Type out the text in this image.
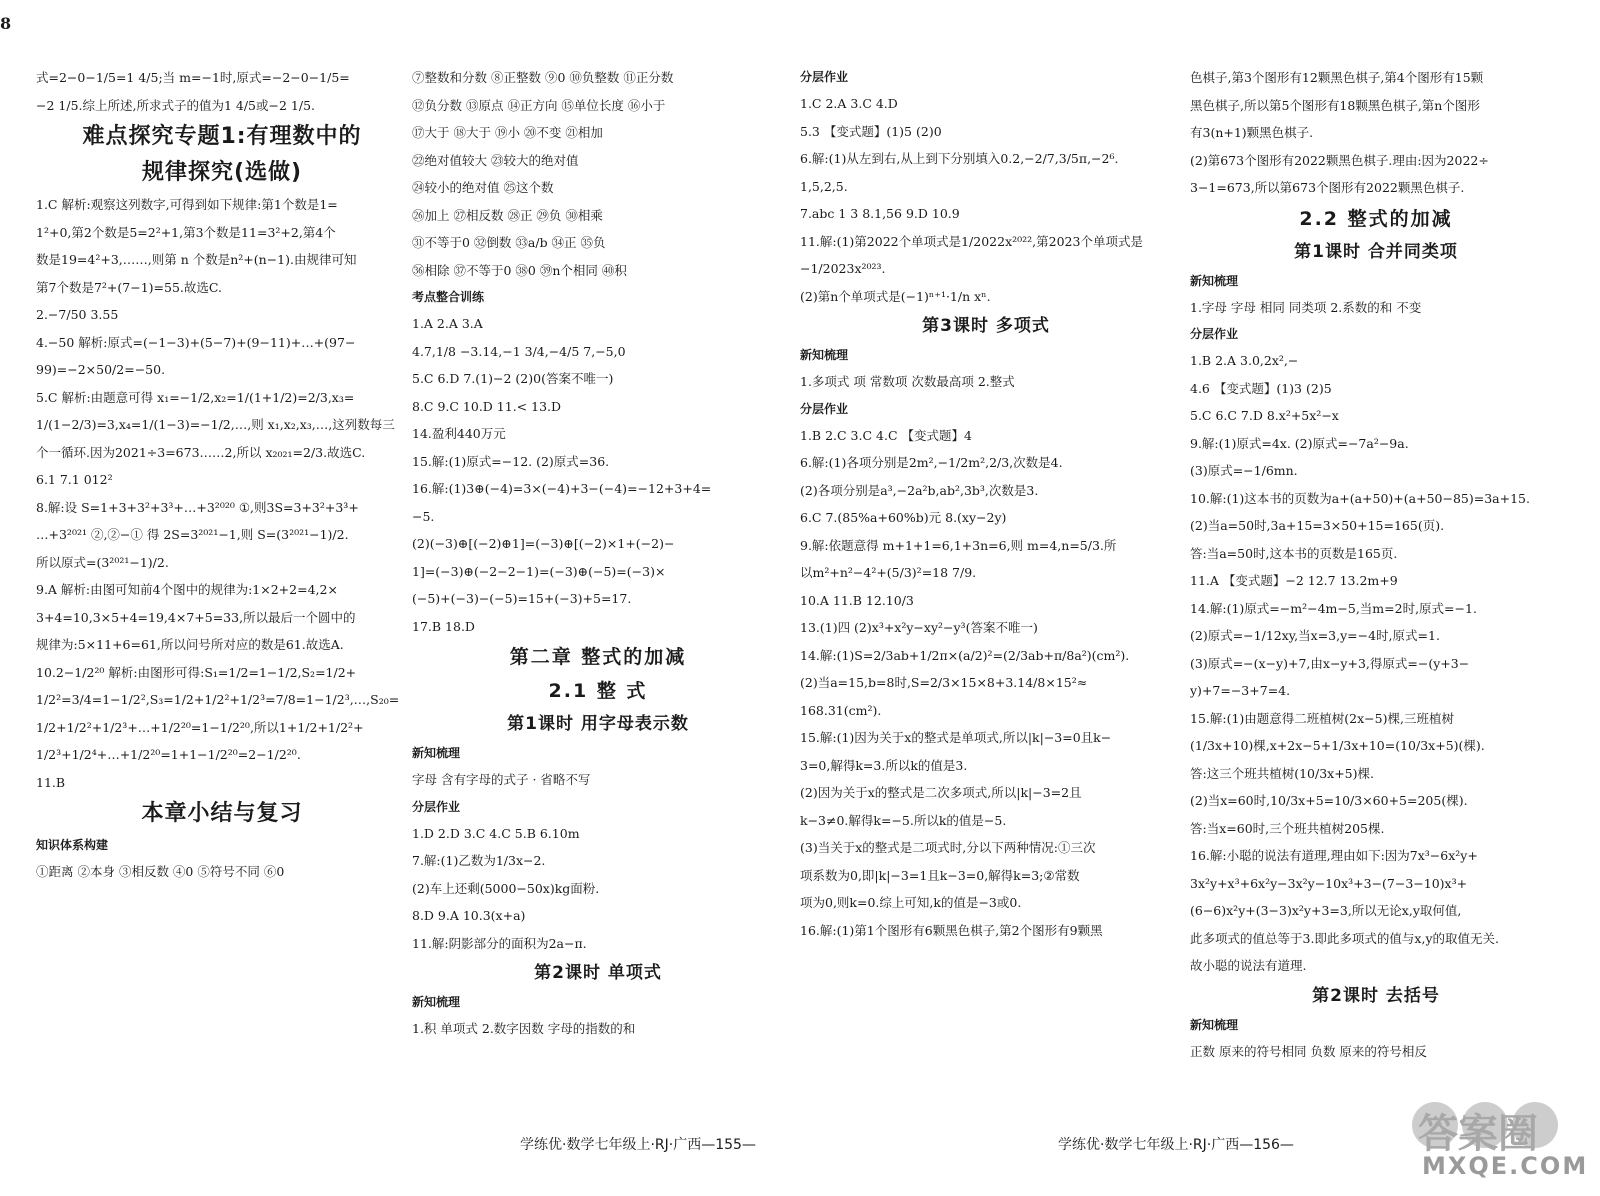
8
式=2−0−1/5=1 4/5;当 m=−1时,原式=−2−0−1/5=
−2 1/5.综上所述,所求式子的值为1 4/5或−2 1/5.
难点探究专题1:有理数中的
规律探究(选做)
1.C 解析:观察这列数字,可得到如下规律:第1个数是1=
1²+0,第2个数是5=2²+1,第3个数是11=3²+2,第4个
数是19=4²+3,……,则第 n 个数是n²+(n−1).由规律可知
第7个数是7²+(7−1)=55.故选C.
2.−7/50 3.55
4.−50 解析:原式=(−1−3)+(5−7)+(9−11)+…+(97−
99)=−2×50/2=−50.
5.C 解析:由题意可得 x₁=−1/2,x₂=1/(1+1/2)=2/3,x₃=
1/(1−2/3)=3,x₄=1/(1−3)=−1/2,…,则 x₁,x₂,x₃,…,这列数每三
个一循环.因为2021÷3=673……2,所以 x₂₀₂₁=2/3.故选C.
6.1 7.1 012²
8.解:设 S=1+3+3²+3³+…+3²⁰²⁰ ①,则3S=3+3²+3³+
…+3²⁰²¹ ②,②−① 得 2S=3²⁰²¹−1,则 S=(3²⁰²¹−1)/2.
所以原式=(3²⁰²¹−1)/2.
9.A 解析:由图可知前4个图中的规律为:1×2+2=4,2×
3+4=10,3×5+4=19,4×7+5=33,所以最后一个圆中的
规律为:5×11+6=61,所以问号所对应的数是61.故选A.
10.2−1/2²⁰ 解析:由图形可得:S₁=1/2=1−1/2,S₂=1/2+
1/2²=3/4=1−1/2²,S₃=1/2+1/2²+1/2³=7/8=1−1/2³,…,S₂₀=
1/2+1/2²+1/2³+…+1/2²⁰=1−1/2²⁰,所以1+1/2+1/2²+
1/2³+1/2⁴+…+1/2²⁰=1+1−1/2²⁰=2−1/2²⁰.
11.B
本章小结与复习
知识体系构建
①距离 ②本身 ③相反数 ④0 ⑤符号不同 ⑥0
⑦整数和分数 ⑧正整数 ⑨0 ⑩负整数 ⑪正分数
⑫负分数 ⑬原点 ⑭正方向 ⑮单位长度 ⑯小于
⑰大于 ⑱大于 ⑲小 ⑳不变 ㉑相加
㉒绝对值较大 ㉓较大的绝对值
㉔较小的绝对值 ㉕这个数
㉖加上 ㉗相反数 ㉘正 ㉙负 ㉚相乘
㉛不等于0 ㉜倒数 ㉝a/b ㉞正 ㉟负
㊱相除 ㊲不等于0 ㊳0 ㊴n个相同 ㊵积
考点整合训练
1.A 2.A 3.A
4.7,1/8 −3.14,−1 3/4,−4/5 7,−5,0
5.C 6.D 7.(1)−2 (2)0(答案不唯一)
8.C 9.C 10.D 11.< 13.D
14.盈利440万元
15.解:(1)原式=−12. (2)原式=36.
16.解:(1)3⊕(−4)=3×(−4)+3−(−4)=−12+3+4=
−5.
(2)(−3)⊕[(−2)⊕1]=(−3)⊕[(−2)×1+(−2)−
1]=(−3)⊕(−2−2−1)=(−3)⊕(−5)=(−3)×
(−5)+(−3)−(−5)=15+(−3)+5=17.
17.B 18.D
第二章 整式的加减
2.1 整 式
第1课时 用字母表示数
新知梳理
字母 含有字母的式子 · 省略不写
分层作业
1.D 2.D 3.C 4.C 5.B 6.10m
7.解:(1)乙数为1/3x−2.
(2)车上还剩(5000−50x)kg面粉.
8.D 9.A 10.3(x+a)
11.解:阴影部分的面积为2a−π.
第2课时 单项式
新知梳理
1.积 单项式 2.数字因数 字母的指数的和
分层作业
1.C 2.A 3.C 4.D
5.3 【变式题】(1)5 (2)0
6.解:(1)从左到右,从上到下分别填入0.2,−2/7,3/5π,−2⁶.
1,5,2,5.
7.abc 1 3 8.1,56 9.D 10.9
11.解:(1)第2022个单项式是1/2022x²⁰²²,第2023个单项式是
−1/2023x²⁰²³.
(2)第n个单项式是(−1)ⁿ⁺¹·1/n xⁿ.
第3课时 多项式
新知梳理
1.多项式 项 常数项 次数最高项 2.整式
分层作业
1.B 2.C 3.C 4.C 【变式题】4
6.解:(1)各项分别是2m²,−1/2m²,2/3,次数是4.
(2)各项分别是a³,−2a²b,ab²,3b³,次数是3.
6.C 7.(85%a+60%b)元 8.(xy−2y)
9.解:依题意得 m+1+1=6,1+3n=6,则 m=4,n=5/3.所
以m²+n²−4²+(5/3)²=18 7/9.
10.A 11.B 12.10/3
13.(1)四 (2)x³+x²y−xy²−y³(答案不唯一)
14.解:(1)S=2/3ab+1/2π×(a/2)²=(2/3ab+π/8a²)(cm²).
(2)当a=15,b=8时,S=2/3×15×8+3.14/8×15²≈
168.31(cm²).
15.解:(1)因为关于x的整式是单项式,所以|k|−3=0且k−
3=0,解得k=3.所以k的值是3.
(2)因为关于x的整式是二次多项式,所以|k|−3=2且
k−3≠0.解得k=−5.所以k的值是−5.
(3)当关于x的整式是二项式时,分以下两种情况:①三次
项系数为0,即|k|−3=1且k−3=0,解得k=3;②常数
项为0,则k=0.综上可知,k的值是−3或0.
16.解:(1)第1个图形有6颗黑色棋子,第2个图形有9颗黑
色棋子,第3个图形有12颗黑色棋子,第4个图形有15颗
黑色棋子,所以第5个图形有18颗黑色棋子,第n个图形
有3(n+1)颗黑色棋子.
(2)第673个图形有2022颗黑色棋子.理由:因为2022÷
3−1=673,所以第673个图形有2022颗黑色棋子.
2.2 整式的加减
第1课时 合并同类项
新知梳理
1.字母 字母 相同 同类项 2.系数的和 不变
分层作业
1.B 2.A 3.0,2x²,−
4.6 【变式题】(1)3 (2)5
5.C 6.C 7.D 8.x²+5x²−x
9.解:(1)原式=4x. (2)原式=−7a²−9a.
(3)原式=−1/6mn.
10.解:(1)这本书的页数为a+(a+50)+(a+50−85)=3a+15.
(2)当a=50时,3a+15=3×50+15=165(页).
答:当a=50时,这本书的页数是165页.
11.A 【变式题】−2 12.7 13.2m+9
14.解:(1)原式=−m²−4m−5,当m=2时,原式=−1.
(2)原式=−1/12xy,当x=3,y=−4时,原式=1.
(3)原式=−(x−y)+7,由x−y+3,得原式=−(y+3−
y)+7=−3+7=4.
15.解:(1)由题意得二班植树(2x−5)棵,三班植树
(1/3x+10)棵,x+2x−5+1/3x+10=(10/3x+5)(棵).
答:这三个班共植树(10/3x+5)棵.
(2)当x=60时,10/3x+5=10/3×60+5=205(棵).
答:当x=60时,三个班共植树205棵.
16.解:小聪的说法有道理,理由如下:因为7x³−6x²y+
3x²y+x³+6x²y−3x²y−10x³+3−(7−3−10)x³+
(6−6)x²y+(3−3)x²y+3=3,所以无论x,y取何值,
此多项式的值总等于3.即此多项式的值与x,y的取值无关.
故小聪的说法有道理.
第2课时 去括号
新知梳理
正数 原来的符号相同 负数 原来的符号相反
学练优·数学七年级上·RJ·广西—155—	学练优·数学七年级上·RJ·广西—156—	答案圈
MXQE.COM
